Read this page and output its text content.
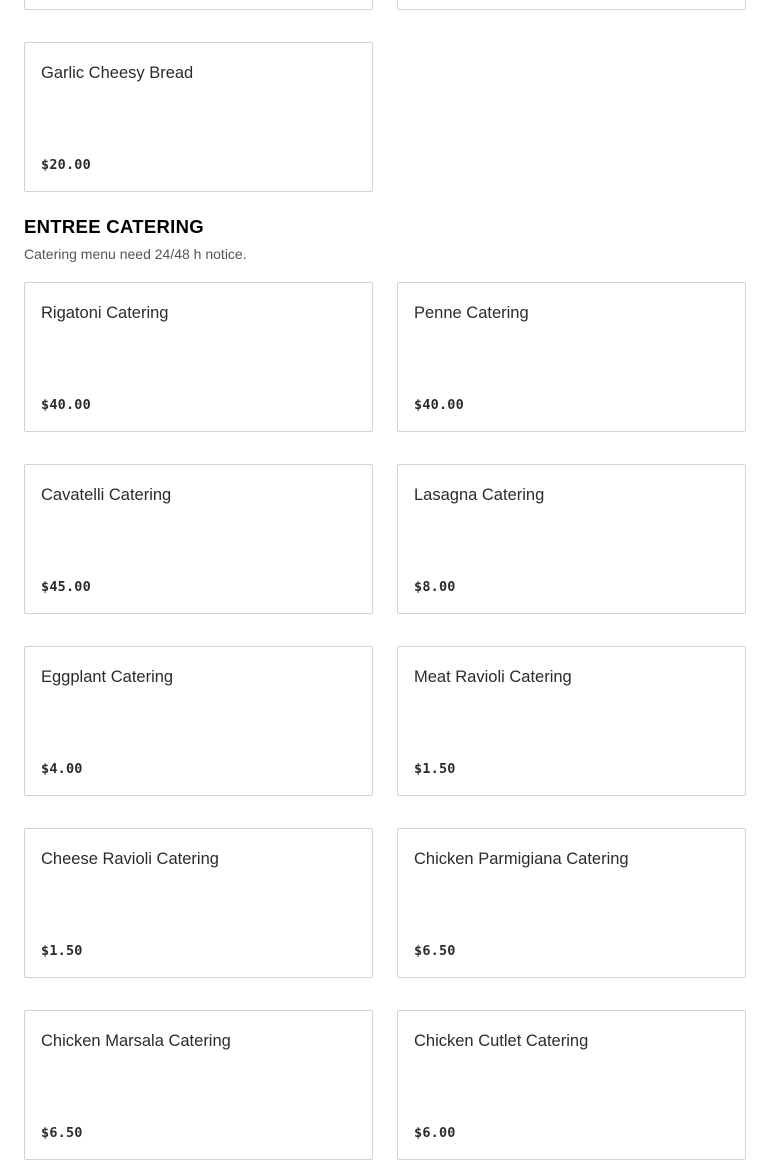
Garlic Cheesy Bread
$20.00
ENTREE CATERING

Catering menu need 24/48 h notice.

Rigatoni Catering
$40.00
Penne Catering
$40.00
Cavatelli Catering
$45.00
Lasagna Catering
$8.00
Eggplant Catering
$4.00
Meat Ravioli Catering
$1.50
Cheese Ravioli Catering
$1.50
Chicken Parmigiana Catering
$6.50
Chicken Marsala Catering
$6.50
Chicken Cutlet Catering
$6.00
